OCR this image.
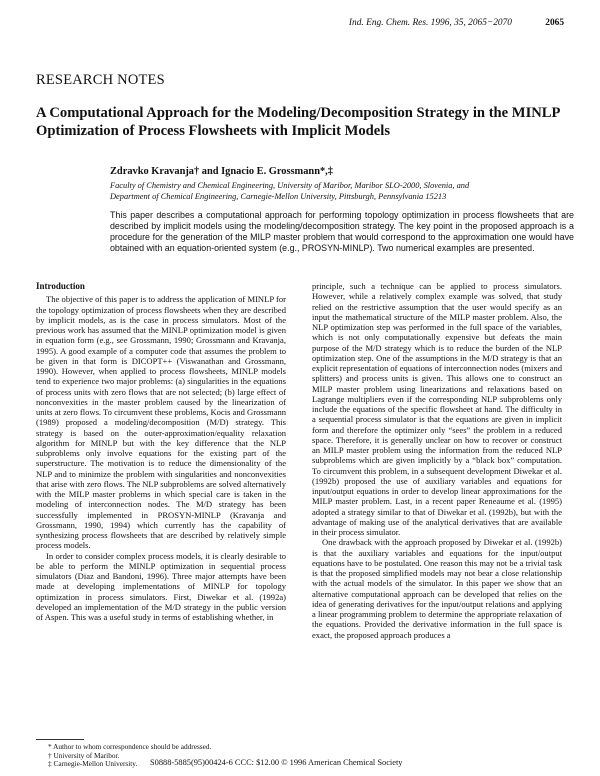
Ind. Eng. Chem. Res. 1996, 35, 2065−2070	2065
RESEARCH NOTES
A Computational Approach for the Modeling/Decomposition Strategy in the MINLP Optimization of Process Flowsheets with Implicit Models
Zdravko Kravanja† and Ignacio E. Grossmann*,‡
Faculty of Chemistry and Chemical Engineering, University of Maribor, Maribor SLO-2000, Slovenia, and
Department of Chemical Engineering, Carnegie-Mellon University, Pittsburgh, Pennsylvania 15213
This paper describes a computational approach for performing topology optimization in process flowsheets that are described by implicit models using the modeling/decomposition strategy. The key point in the proposed approach is a procedure for the generation of the MILP master problem that would correspond to the approximation one would have obtained with an equation-oriented system (e.g., PROSYN-MINLP). Two numerical examples are presented.
Introduction

The objective of this paper is to address the application of MINLP for the topology optimization of process flowsheets when they are described by implicit models, as is the case in process simulators. Most of the previous work has assumed that the MINLP optimization model is given in equation form (e.g., see Grossmann, 1990; Grossmann and Kravanja, 1995). A good example of a computer code that assumes the problem to be given in that form is DICOPT++ (Viswanathan and Grossmann, 1990). However, when applied to process flowsheets, MINLP models tend to experience two major problems: (a) singularities in the equations of process units with zero flows that are not selected; (b) large effect of nonconvexities in the master problem caused by the linearization of units at zero flows. To circumvent these problems, Kocis and Grossmann (1989) proposed a modeling/decomposition (M/D) strategy. This strategy is based on the outer-approximation/equality relaxation algorithm for MINLP but with the key difference that the NLP subproblems only involve equations for the existing part of the superstructure. The motivation is to reduce the dimensionality of the NLP and to minimize the problem with singularities and nonconvexities that arise with zero flows. The NLP subproblems are solved alternatively with the MILP master problems in which special care is taken in the modeling of interconnection nodes. The M/D strategy has been successfully implemented in PROSYN-MINLP (Kravanja and Grossmann, 1990, 1994) which currently has the capability of synthesizing process flowsheets that are described by relatively simple process models.

In order to consider complex process models, it is clearly desirable to be able to perform the MINLP optimization in sequential process simulators (Diaz and Bandoni, 1996). Three major attempts have been made at developing implementations of MINLP for topology optimization in process simulators. First, Diwekar et al. (1992a) developed an implementation of the M/D strategy in the public version of Aspen. This was a useful study in terms of establishing whether, in

principle, such a technique can be applied to process simulators. However, while a relatively complex example was solved, that study relied on the restrictive assumption that the user would specify as an input the mathematical structure of the MILP master problem. Also, the NLP optimization step was performed in the full space of the variables, which is not only computationally expensive but defeats the main purpose of the M/D strategy which is to reduce the burden of the NLP optimization step. One of the assumptions in the M/D strategy is that an explicit representation of equations of interconnection nodes (mixers and splitters) and process units is given. This allows one to construct an MILP master problem using linearizations and relaxations based on Lagrange multipliers even if the corresponding NLP subproblems only include the equations of the specific flowsheet at hand. The difficulty in a sequential process simulator is that the equations are given in implicit form and therefore the optimizer only “sees” the problem in a reduced space. Therefore, it is generally unclear on how to recover or construct an MILP master problem using the information from the reduced NLP subproblems which are given implicitly by a “black box” computation. To circumvent this problem, in a subsequent development Diwekar et al. (1992b) proposed the use of auxiliary variables and equations for input/output equations in order to develop linear approximations for the MILP master problem. Last, in a recent paper Reneaume et al. (1995) adopted a strategy similar to that of Diwekar et al. (1992b), but with the advantage of making use of the analytical derivatives that are available in their process simulator.

One drawback with the approach proposed by Diwekar et al. (1992b) is that the auxiliary variables and equations for the input/output equations have to be postulated. One reason this may not be a trivial task is that the proposed simplified models may not bear a close relationship with the actual models of the simulator. In this paper we show that an alternative computational approach can be developed that relies on the idea of generating derivatives for the input/output relations and applying a linear programming problem to determine the appropriate relaxation of the equations. Provided the derivative information in the full space is exact, the proposed approach produces a

* Author to whom correspondence should be addressed.
† University of Maribor.
‡ Carnegie-Mellon University.	S0888-5885(95)00424-6 CCC: $12.00 © 1996 American Chemical Society
